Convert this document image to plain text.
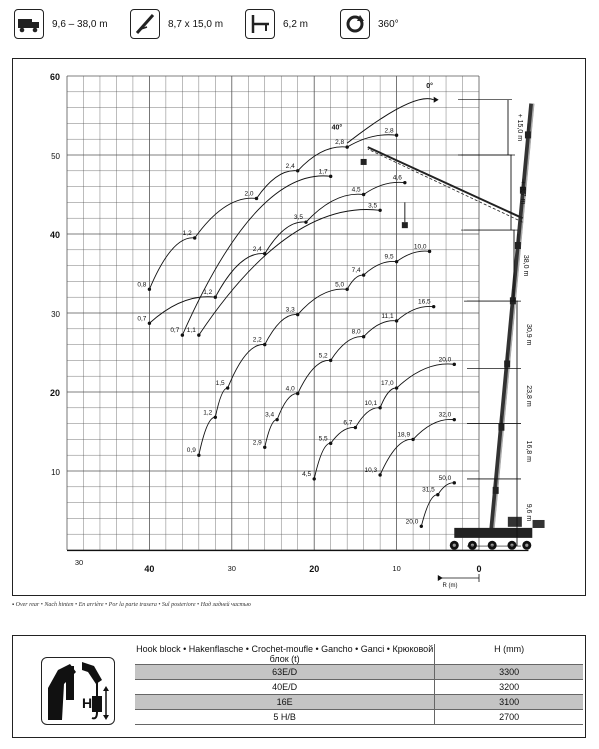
9,6 – 38,0 m	8,7 x 15,0 m	6,2 m	360°
60
40
20
50
30
10
40	20	0
30
30	10
R (m)
40°
0°
0,8
1,2
2,0
2,4
2,8
2,8
0,7
1,2
2,4
3,5
4,5
4,6
0,7
1,7
1,1
3,5
0,9
1,2
1,5
2,2
3,3
5,0
7,4
9,5
10,0
2,9
3,4
4,0
5,2
8,0
11,1
16,5
4,5
5,5
6,7
10,1
17,0
20,0
10,3
18,9
32,0
20,0
31,5
50,0
+ 15,0 m
+ 8,7 m
38,0 m
30,9 m
23,8 m
16,8 m
9,6 m
▪ Over rear • Nach hinten • En arrière • Por la parte trasera • Sul posteriore • Над задней частью
H
Hook block • Hakenflasche • Crochet-moufle • Gancho • Ganci • Крюковой блок (t)	H (mm)
63E/D	3300
40E/D	3200
16E	3100
5 H/B	2700
